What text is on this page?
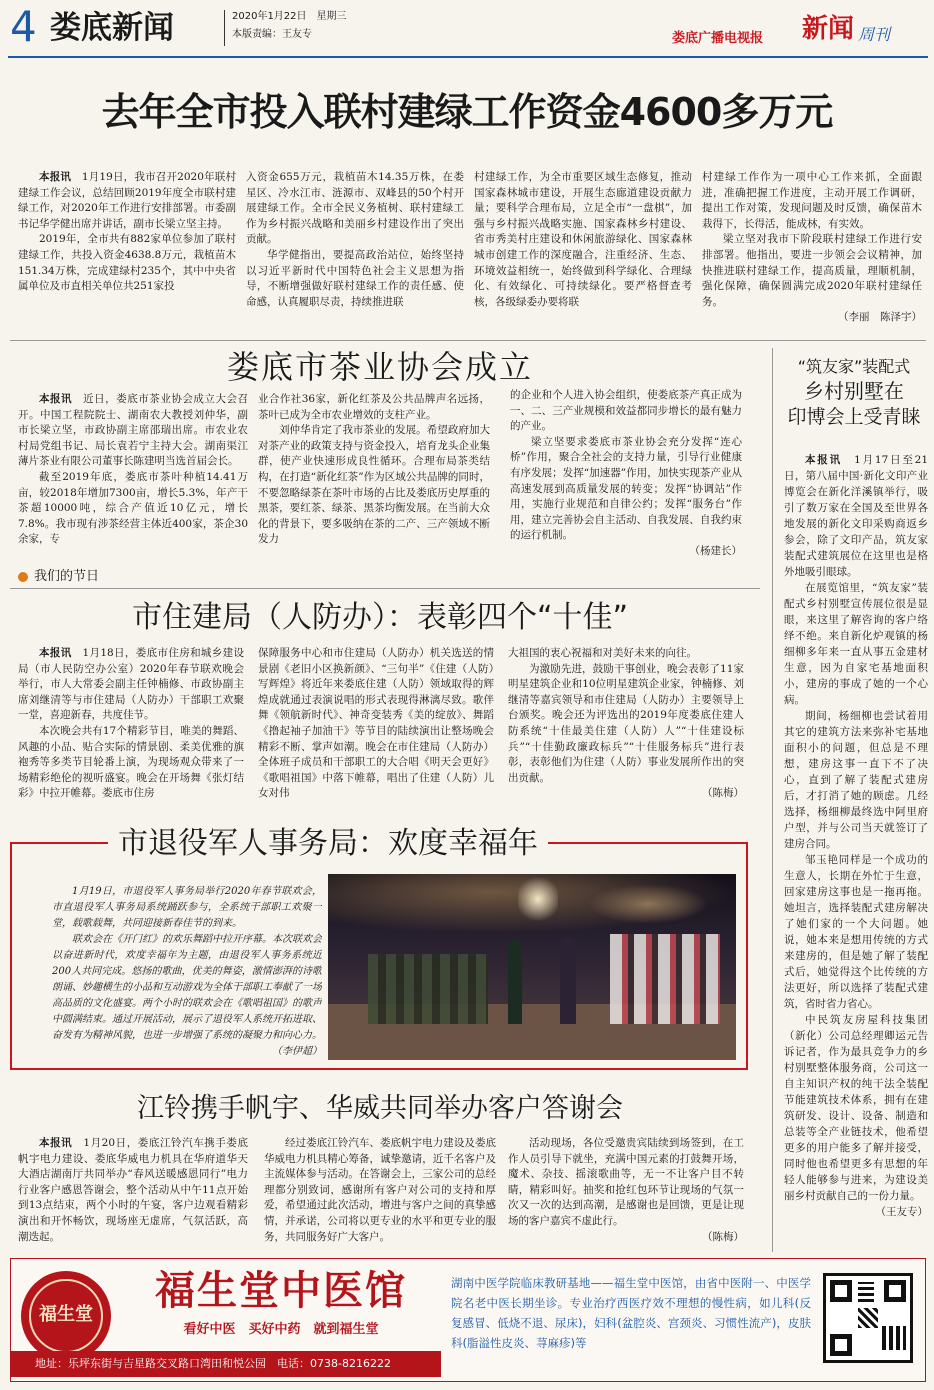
4 娄底新闻	2020年1月22日　星期三
本版责编：王友专	娄底广播电视报 新闻 周刊
去年全市投入联村建绿工作资金4600多万元

本报讯　 1月19日，我市召开2020年联村建绿工作会议，总结回顾2019年度全市联村建绿工作，对2020年工作进行安排部署。市委副书记华学健出席并讲话，副市长梁立坚主持。

2019年，全市共有882家单位参加了联村建绿工作，共投入资金4638.8万元，栽植苗木151.34万株，完成建绿村235个，其中中央省属单位及市直相关单位共251家投

入资金655万元，栽植苗木14.35万株，在娄星区、冷水江市、涟源市、双峰县的50个村开展建绿工作。全市全民义务植树、联村建绿工作为乡村振兴战略和美丽乡村建设作出了突出贡献。

华学健指出，要提高政治站位，始终坚持以习近平新时代中国特色社会主义思想为指导，不断增强做好联村建绿工作的责任感、使命感，认真履职尽责，持续推进联

村建绿工作，为全市重要区域生态修复，推动国家森林城市建设，开展生态廊道建设贡献力量；要科学合理布局，立足全市“一盘棋”，加强与乡村振兴战略实施、国家森林乡村建设、省市秀美村庄建设和休闲旅游绿化、国家森林城市创建工作的深度融合，注重经济、生态、环境效益相统一，始终做到科学绿化、合理绿化、有效绿化、可持续绿化。要严格督查考核，各级绿委办要将联

村建绿工作作为一项中心工作来抓，全面跟进，准确把握工作进度，主动开展工作调研，提出工作对策，发现问题及时反馈，确保苗木栽得下，长得活，能成林，有实效。

梁立坚对我市下阶段联村建绿工作进行安排部署。他指出，要进一步领会会议精神，加快推进联村建绿工作，提高质量，理顺机制，强化保障，确保圆满完成2020年联村建绿任务。

（李丽　陈泽宇）

娄底市茶业协会成立

本报讯　 近日，娄底市茶业协会成立大会召开。中国工程院院士、湖南农大教授刘仲华，副市长梁立坚，市政协副主席邵瑞出席。市农业农村局党组书记、局长袁若宁主持大会。湖南渠江薄片茶业有限公司董事长陈建明当选首届会长。

截至2019年底，娄底市茶叶种植14.41万亩，较2018年增加7300亩，增长5.3%，年产干茶超10000吨，综合产值近10亿元，增长7.8%。我市现有涉茶经营主体近400家，茶企30余家，专

业合作社36家，新化红茶及公共品牌声名远扬，茶叶已成为全市农业增效的支柱产业。

刘仲华肯定了我市茶业的发展。希望政府加大对茶产业的政策支持与资金投入，培育龙头企业集群，使产业快速形成良性循环。合理布局茶类结构，在打造“新化红茶”作为区域公共品牌的同时，不要忽略绿茶在茶叶市场的占比及娄底历史厚重的黑茶，要红茶、绿茶、黑茶均衡发展。在当前大众化的背景下，要多吸纳在茶的二产、三产领域不断发力

的企业和个人进入协会组织，使娄底茶产真正成为一、二、三产业规模和效益都同步增长的最有魅力的产业。

梁立坚要求娄底市茶业协会充分发挥“连心桥”作用，聚合全社会的支持力量，引导行业健康有序发展；发挥“加速器”作用，加快实现茶产业从高速发展到高质量发展的转变；发挥“协调站”作用，实施行业规范和自律公约；发挥“服务台”作用，建立完善协会自主活动、自我发展、自我约束的运行机制。

（杨建长）

我们的节日
市住建局（人防办）：表彰四个“十佳”

本报讯　 1月18日，娄底市住房和城乡建设局（市人民防空办公室）2020年春节联欢晚会举行，市人大常委会副主任钟楠修、市政协副主席刘继清等与市住建局（人防办）干部职工欢聚一堂，喜迎新春，共度佳节。

本次晚会共有17个精彩节目，唯美的舞蹈、风趣的小品、贴合实际的情景剧、柔美优雅的旗袍秀等多类节目轮番上演，为现场观众带来了一场精彩绝伦的视听盛宴。晚会在开场舞《张灯结彩》中拉开帷幕。娄底市住房

保障服务中心和市住建局（人防办）机关选送的情景剧《老旧小区换新颜》、“三句半”《住建（人防）写辉煌》将近年来娄底住建（人防）领域取得的辉煌成就通过表演说唱的形式表现得淋漓尽致。歌伴舞《领航新时代》、神奇变装秀《美的绽放》、舞蹈《撸起袖子加油干》等节目的陆续演出让整场晚会精彩不断、掌声如潮。晚会在市住建局（人防办）全体班子成员和干部职工的大合唱《明天会更好》《歌唱祖国》中落下帷幕，唱出了住建（人防）儿女对伟

大祖国的衷心祝福和对美好未来的向往。

为激励先进，鼓励干事创业，晚会表彰了11家明星建筑企业和10位明星建筑企业家，钟楠修、刘继清等嘉宾领导和市住建局（人防办）主要领导上台颁奖。晚会还为评选出的2019年度娄底住建人防系统“十佳最美住建（人防）人”“十佳建设标兵”“十佳勤政廉政标兵”“十佳服务标兵”进行表彰，表彰他们为住建（人防）事业发展所作出的突出贡献。

（陈梅）

市退役军人事务局：欢度幸福年

1月19日，市退役军人事务局举行2020年春节联欢会，市直退役军人事务局系统踊跃参与，全系统干部职工欢聚一堂，载歌载舞，共同迎接新春佳节的到来。

联欢会在《开门红》的欢乐舞蹈中拉开序幕。本次联欢会以奋进新时代，欢度幸福年为主题，由退役军人事务系统近200人共同完成。悠扬的歌曲，优美的舞姿，激情澎湃的诗歌朗诵、妙趣横生的小品和互动游戏为全体干部职工奉献了一场高品质的文化盛宴。两个小时的联欢会在《歌唱祖国》的歌声中圆满结束。通过开展活动，展示了退役军人系统开拓进取、奋发有为精神风貌，也进一步增强了系统的凝聚力和向心力。

（李伊超）

江铃携手帆宇、华威共同举办客户答谢会

本报讯　 1月20日，娄底江铃汽车携手娄底帆宇电力建设、娄底华威电力机具在华府道华天大酒店湖南厅共同举办“春风送暖感恩同行”电力行业客户感恩答谢会，整个活动从中午11点开始到13点结束，两个小时的午宴，客户边观看精彩演出和开怀畅饮，现场座无虚席，气氛活跃，高潮迭起。

经过娄底江铃汽车、娄底帆宇电力建设及娄底华威电力机具精心筹备，诚挚邀请，近千名客户及主流媒体参与活动。在答谢会上，三家公司的总经理都分别致词，感谢所有客户对公司的支持和厚爱，希望通过此次活动，增进与客户之间的真挚感情，并承诺，公司将以更专业的水平和更专业的服务，共同服务好广大客户。

活动现场，各位受邀贵宾陆续到场签到，在工作人员引导下就坐，充满中国元素的打鼓舞开场，魔术、杂技、摇滚歌曲等，无一不让客户目不转睛，精彩叫好。抽奖和抢红包环节让现场的气氛一次又一次的达到高潮，是感谢也是回馈，更是让现场的客户嘉宾不虚此行。

（陈梅）

“筑友家”装配式
乡村别墅在
印博会上受青睐

本报讯　 1月17日至21日，第八届中国·新化文印产业博览会在新化洋溪镇举行，吸引了数万家在全国及至世界各地发展的新化文印采购商返乡参会，除了文印产品，筑友家装配式建筑展位在这里也是格外地吸引眼球。

在展览馆里，“筑友家”装配式乡村别墅宣传展位很是显眼，来这里了解咨询的客户络绎不绝。来自新化炉观镇的杨细柳多年来一直从事五金建材生意，因为自家宅基地面积小，建房的事成了她的一个心病。

期间，杨细柳也尝试着用其它的建筑方法来弥补宅基地面积小的问题，但总是不理想，建房这事一直下不了决心，直到了解了装配式建房后，才打消了她的顾虑。几经选择，杨细柳最终选中阿里府户型，并与公司当天就签订了建房合同。

邹玉艳同样是一个成功的生意人，长期在外忙于生意，回家建房这事也是一拖再拖。她坦言，选择装配式建房解决了她们家的一个大问题。她说，她本来是想用传统的方式来建房的，但是她了解了装配式后，她觉得这个比传统的方法更好，所以选择了装配式建筑，省时省力省心。

中民筑友房屋科技集团（新化）公司总经理卿运元告诉记者，作为最具竞争力的乡村别墅整体服务商，公司这一自主知识产权的纯干法全装配节能建筑技术体系，拥有在建筑研发、设计、设备、制造和总装等全产业链技术，他希望更多的用户能多了解并接受，同时他也希望更多有思想的年轻人能够参与进来，为建设美丽乡村贡献自己的一份力量。

（王友专）

福生堂
福生堂中医馆
看好中医　买好中药　就到福生堂
地址：乐坪东街与吉星路交叉路口湾田和悦公园　电话：0738-8216222
湖南中医学院临床教研基地——福生堂中医馆，由省中医附一、中医学院名老中医长期坐诊。专业治疗西医疗效不理想的慢性病，如儿科(反复感冒、低烧不退、尿床)，妇科(盆腔炎、宫颈炎、习惯性流产)，皮肤科(脂溢性皮炎、荨麻疹)等
